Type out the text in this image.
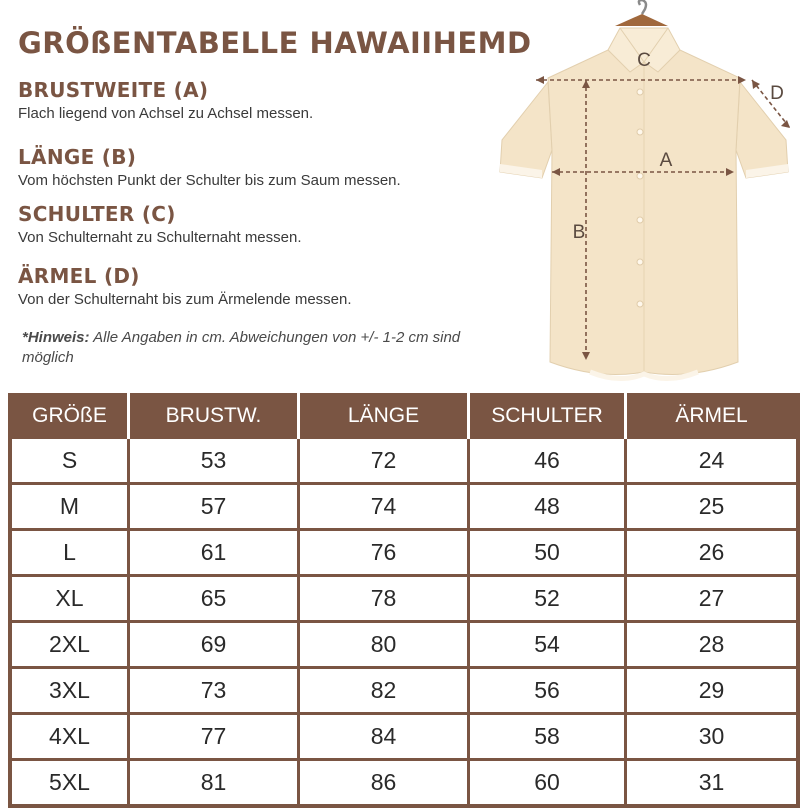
GRÖßENTABELLE HAWAIIHEMD
BRUSTWEITE (A)
Flach liegend von Achsel zu Achsel messen.
LÄNGE (B)
Vom höchsten Punkt der Schulter bis zum Saum messen.
SCHULTER (C)
Von Schulternaht zu Schulternaht messen.
ÄRMEL (D)
Von der Schulternaht bis zum Ärmelende messen.
*Hinweis: Alle Angaben in cm. Abweichungen von +/- 1-2 cm sind möglich
C
A
B
D
GRÖßE	BRUSTW.	LÄNGE	SCHULTER	ÄRMEL
S	53	72	46	24
M	57	74	48	25
L	61	76	50	26
XL	65	78	52	27
2XL	69	80	54	28
3XL	73	82	56	29
4XL	77	84	58	30
5XL	81	86	60	31
